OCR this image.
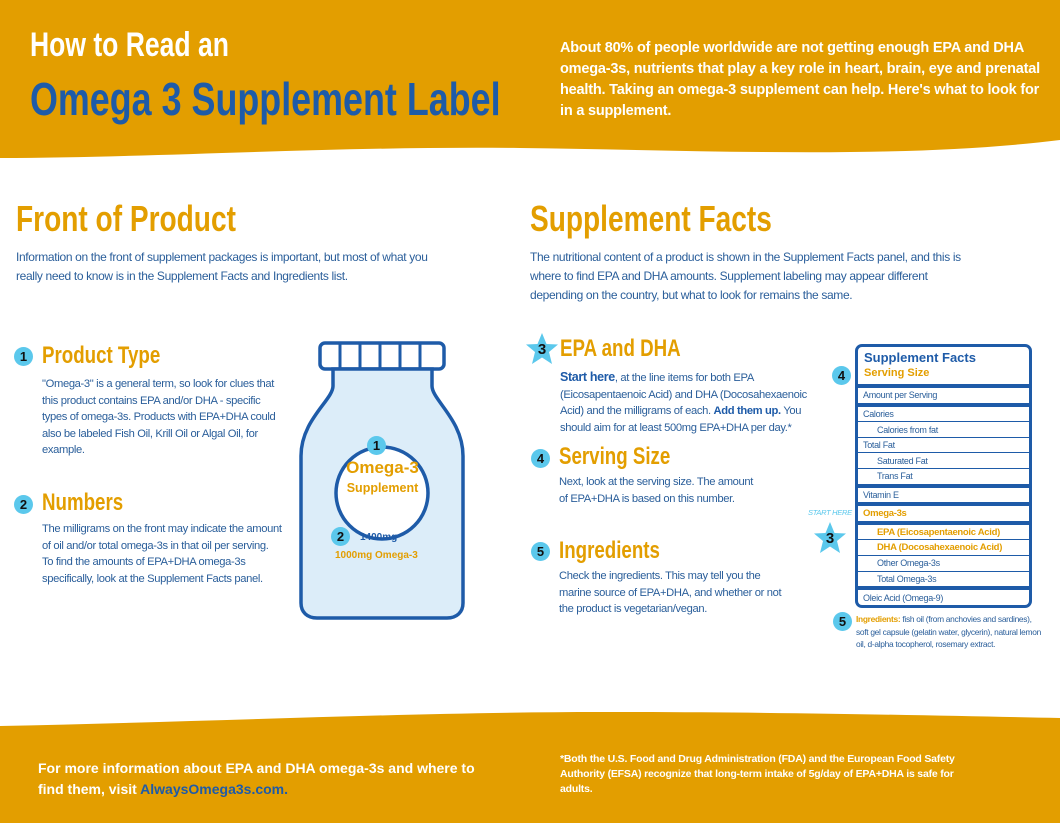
How to Read an
Omega 3 Supplement Label
About 80% of people worldwide are not getting enough EPA and DHA omega-3s, nutrients that play a key role in heart, brain, eye and prenatal health. Taking an omega-3 supplement can help. Here's what to look for in a supplement.
Front of Product
Information on the front of supplement packages is important, but most of what you really need to know is in the Supplement Facts and Ingredients list.
1 Product Type
"Omega-3" is a general term, so look for clues that this product contains EPA and/or DHA - specific types of omega-3s. Products with EPA+DHA could also be labeled Fish Oil, Krill Oil or Algal Oil, for example.
2 Numbers
The milligrams on the front may indicate the amount of oil and/or total omega-3s in that oil per serving. To find the amounts of EPA+DHA omega-3s specifically, look at the Supplement Facts panel.
1
Omega-3
Supplement
2	1400mg
1000mg Omega-3
Supplement Facts
The nutritional content of a product is shown in the Supplement Facts panel, and this is where to find EPA and DHA amounts. Supplement labeling may appear different depending on the country, but what to look for remains the same.
3 EPA and DHA
Start here, at the line items for both EPA (Eicosapentaenoic Acid) and DHA (Docosahexaenoic Acid) and the milligrams of each. Add them up. You should aim for at least 500mg EPA+DHA per day.*
4 Serving Size
Next, look at the serving size. The amount of EPA+DHA is based on this number.
5 Ingredients
Check the ingredients. This may tell you the marine source of EPA+DHA, and whether or not the product is vegetarian/vegan.
4
START HERE
3
Supplement Facts
Serving Size
Amount per Serving
Calories
Calories from fat
Total Fat
Saturated Fat
Trans Fat
Vitamin E
Omega-3s
EPA (Eicosapentaenoic Acid)
DHA (Docosahexaenoic Acid)
Other Omega-3s
Total Omega-3s
Oleic Acid (Omega-9)
5	Ingredients: fish oil (from anchovies and sardines), soft gel capsule (gelatin water, glycerin), natural lemon oil, d-alpha tocopherol, rosemary extract.
For more information about EPA and DHA omega-3s and where to find them, visit AlwaysOmega3s.com.
*Both the U.S. Food and Drug Administration (FDA) and the European Food Safety Authority (EFSA) recognize that long-term intake of 5g/day of EPA+DHA is safe for adults.
